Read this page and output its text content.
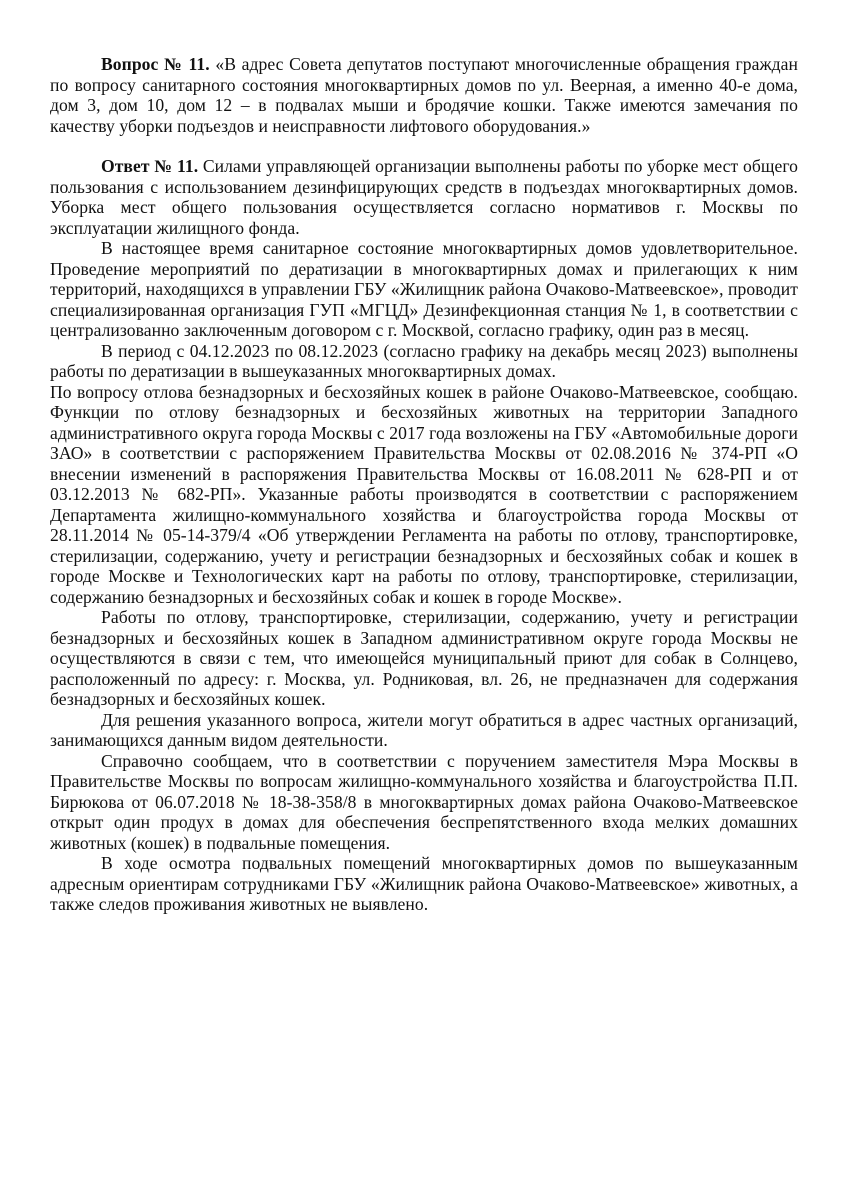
Вопрос № 11. «В адрес Совета депутатов поступают многочисленные обращения граждан по вопросу санитарного состояния многоквартирных домов по ул. Веерная, а именно 40-е дома, дом 3, дом 10, дом 12 – в подвалах мыши и бродячие кошки. Также имеются замечания по качеству уборки подъездов и неисправности лифтового оборудования.»

Ответ № 11. Силами управляющей организации выполнены работы по уборке мест общего пользования с использованием дезинфицирующих средств в подъездах многоквартирных домов. Уборка мест общего пользования осуществляется согласно нормативов г. Москвы по эксплуатации жилищного фонда.

В настоящее время санитарное состояние многоквартирных домов удовлетворительное. Проведение мероприятий по дератизации в многоквартирных домах и прилегающих к ним территорий, находящихся в управлении ГБУ «Жилищник района Очаково-Матвеевское», проводит специализированная организация ГУП «МГЦД» Дезинфекционная станция № 1, в соответствии с централизованно заключенным договором с г. Москвой, согласно графику, один раз в месяц.

В период с 04.12.2023 по 08.12.2023 (согласно графику на декабрь месяц 2023) выполнены работы по дератизации в вышеуказанных многоквартирных домах.

По вопросу отлова безнадзорных и бесхозяйных кошек в районе Очаково-Матвеевское, сообщаю. Функции по отлову безнадзорных и бесхозяйных животных на территории Западного административного округа города Москвы с 2017 года возложены на ГБУ «Автомобильные дороги ЗАО» в соответствии с распоряжением Правительства Москвы от 02.08.2016 № 374-РП «О внесении изменений в распоряжения Правительства Москвы от 16.08.2011 № 628-РП и от 03.12.2013 № 682-РП». Указанные работы производятся в соответствии с распоряжением Департамента жилищно-коммунального хозяйства и благоустройства города Москвы от 28.11.2014 № 05-14-379/4 «Об утверждении Регламента на работы по отлову, транспортировке, стерилизации, содержанию, учету и регистрации безнадзорных и бесхозяйных собак и кошек в городе Москве и Технологических карт на работы по отлову, транспортировке, стерилизации, содержанию безнадзорных и бесхозяйных собак и кошек в городе Москве».

Работы по отлову, транспортировке, стерилизации, содержанию, учету и регистрации безнадзорных и бесхозяйных кошек в Западном административном округе города Москвы не осуществляются в связи с тем, что имеющейся муниципальный приют для собак в Солнцево, расположенный по адресу: г. Москва, ул. Родниковая, вл. 26, не предназначен для содержания безнадзорных и бесхозяйных кошек.

Для решения указанного вопроса, жители могут обратиться в адрес частных организаций, занимающихся данным видом деятельности.

Справочно сообщаем, что в соответствии с поручением заместителя Мэра Москвы в Правительстве Москвы по вопросам жилищно-коммунального хозяйства и благоустройства П.П. Бирюкова от 06.07.2018 № 18-38-358/8 в многоквартирных домах района Очаково-Матвеевское открыт один продух в домах для обеспечения беспрепятственного входа мелких домашних животных (кошек) в подвальные помещения.

В ходе осмотра подвальных помещений многоквартирных домов по вышеуказанным адресным ориентирам сотрудниками ГБУ «Жилищник района Очаково-Матвеевское» животных, а также следов проживания животных не выявлено.
